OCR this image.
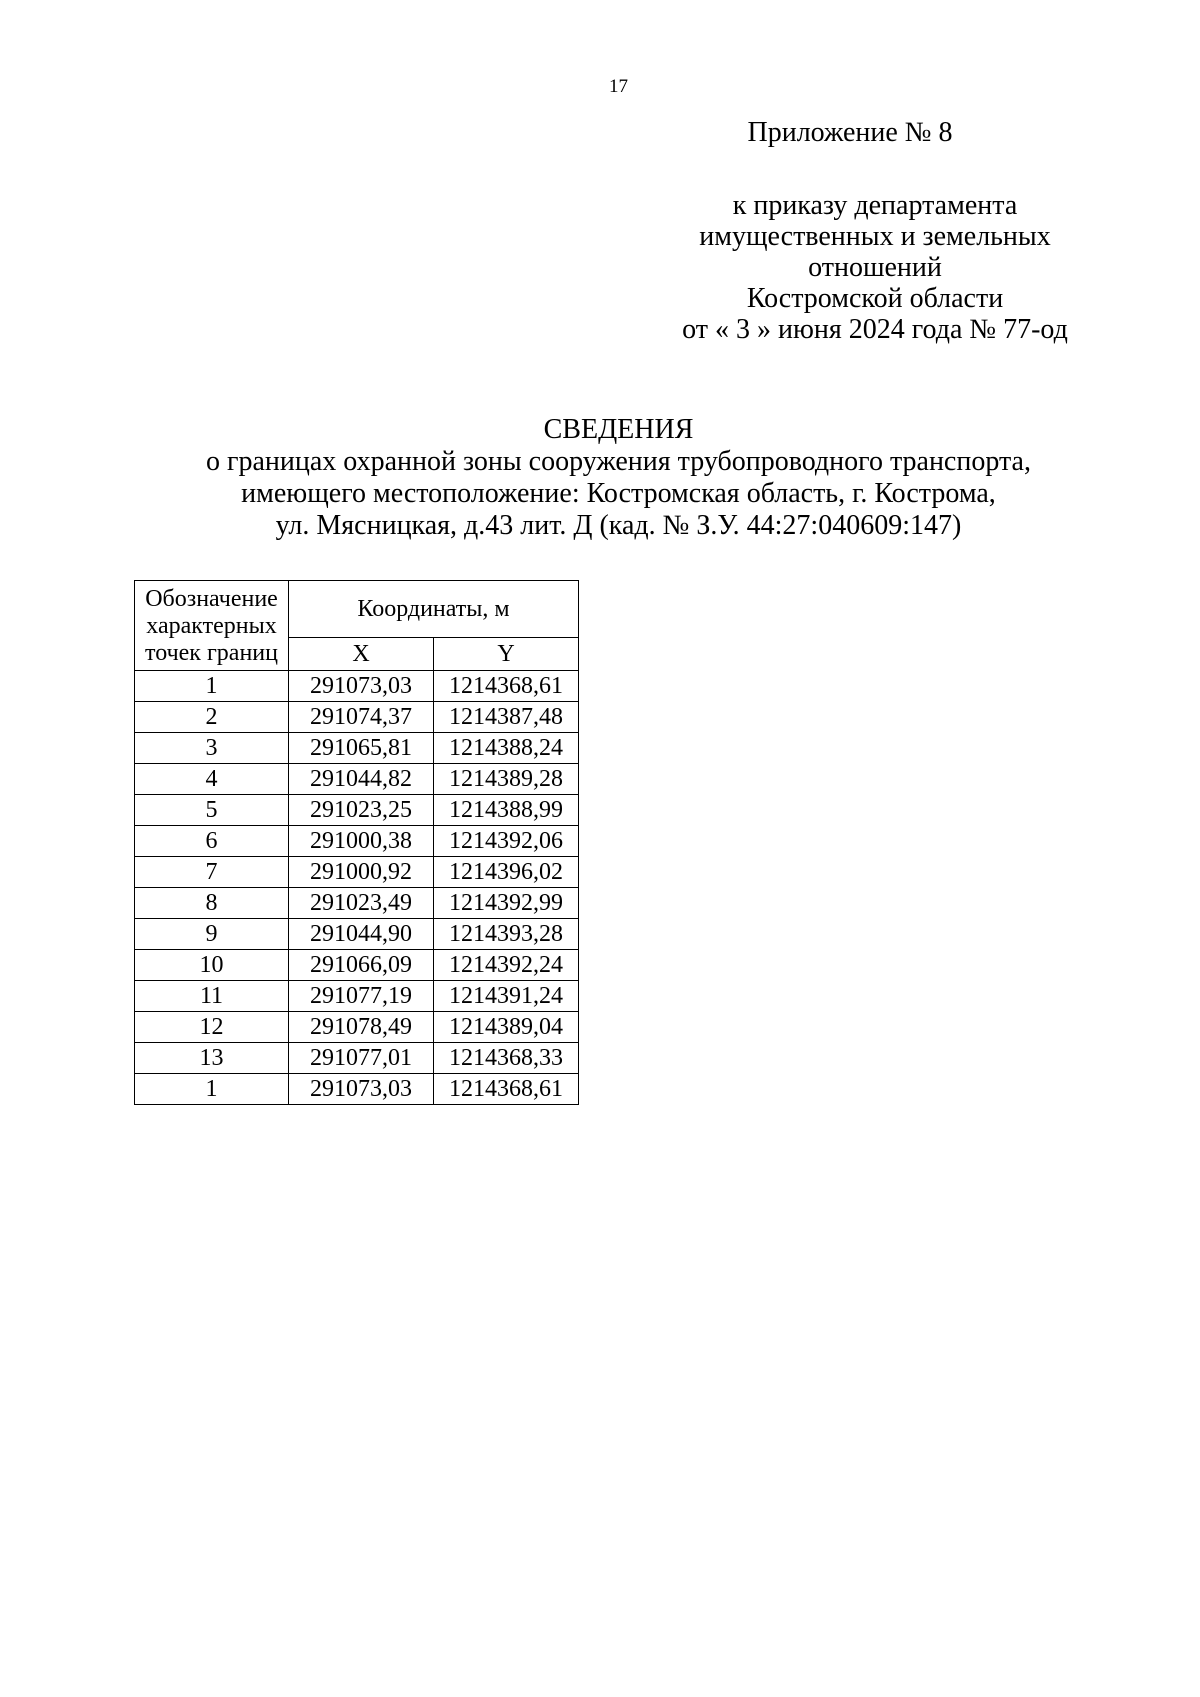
17
Приложение № 8
к приказу департамента
имущественных и земельных
отношений
Костромской области
от « 3 » июня 2024 года № 77-од
СВЕДЕНИЯ
о границах охранной зоны сооружения трубопроводного транспорта,
имеющего местоположение: Костромская область, г. Кострома,
ул. Мясницкая, д.43 лит. Д (кад. № З.У. 44:27:040609:147)
Обозначение
характерных
точек границ	Координаты, м	
	X	Y
1	291073,03	1214368,61
2	291074,37	1214387,48
3	291065,81	1214388,24
4	291044,82	1214389,28
5	291023,25	1214388,99
6	291000,38	1214392,06
7	291000,92	1214396,02
8	291023,49	1214392,99
9	291044,90	1214393,28
10	291066,09	1214392,24
11	291077,19	1214391,24
12	291078,49	1214389,04
13	291077,01	1214368,33
1	291073,03	1214368,61
